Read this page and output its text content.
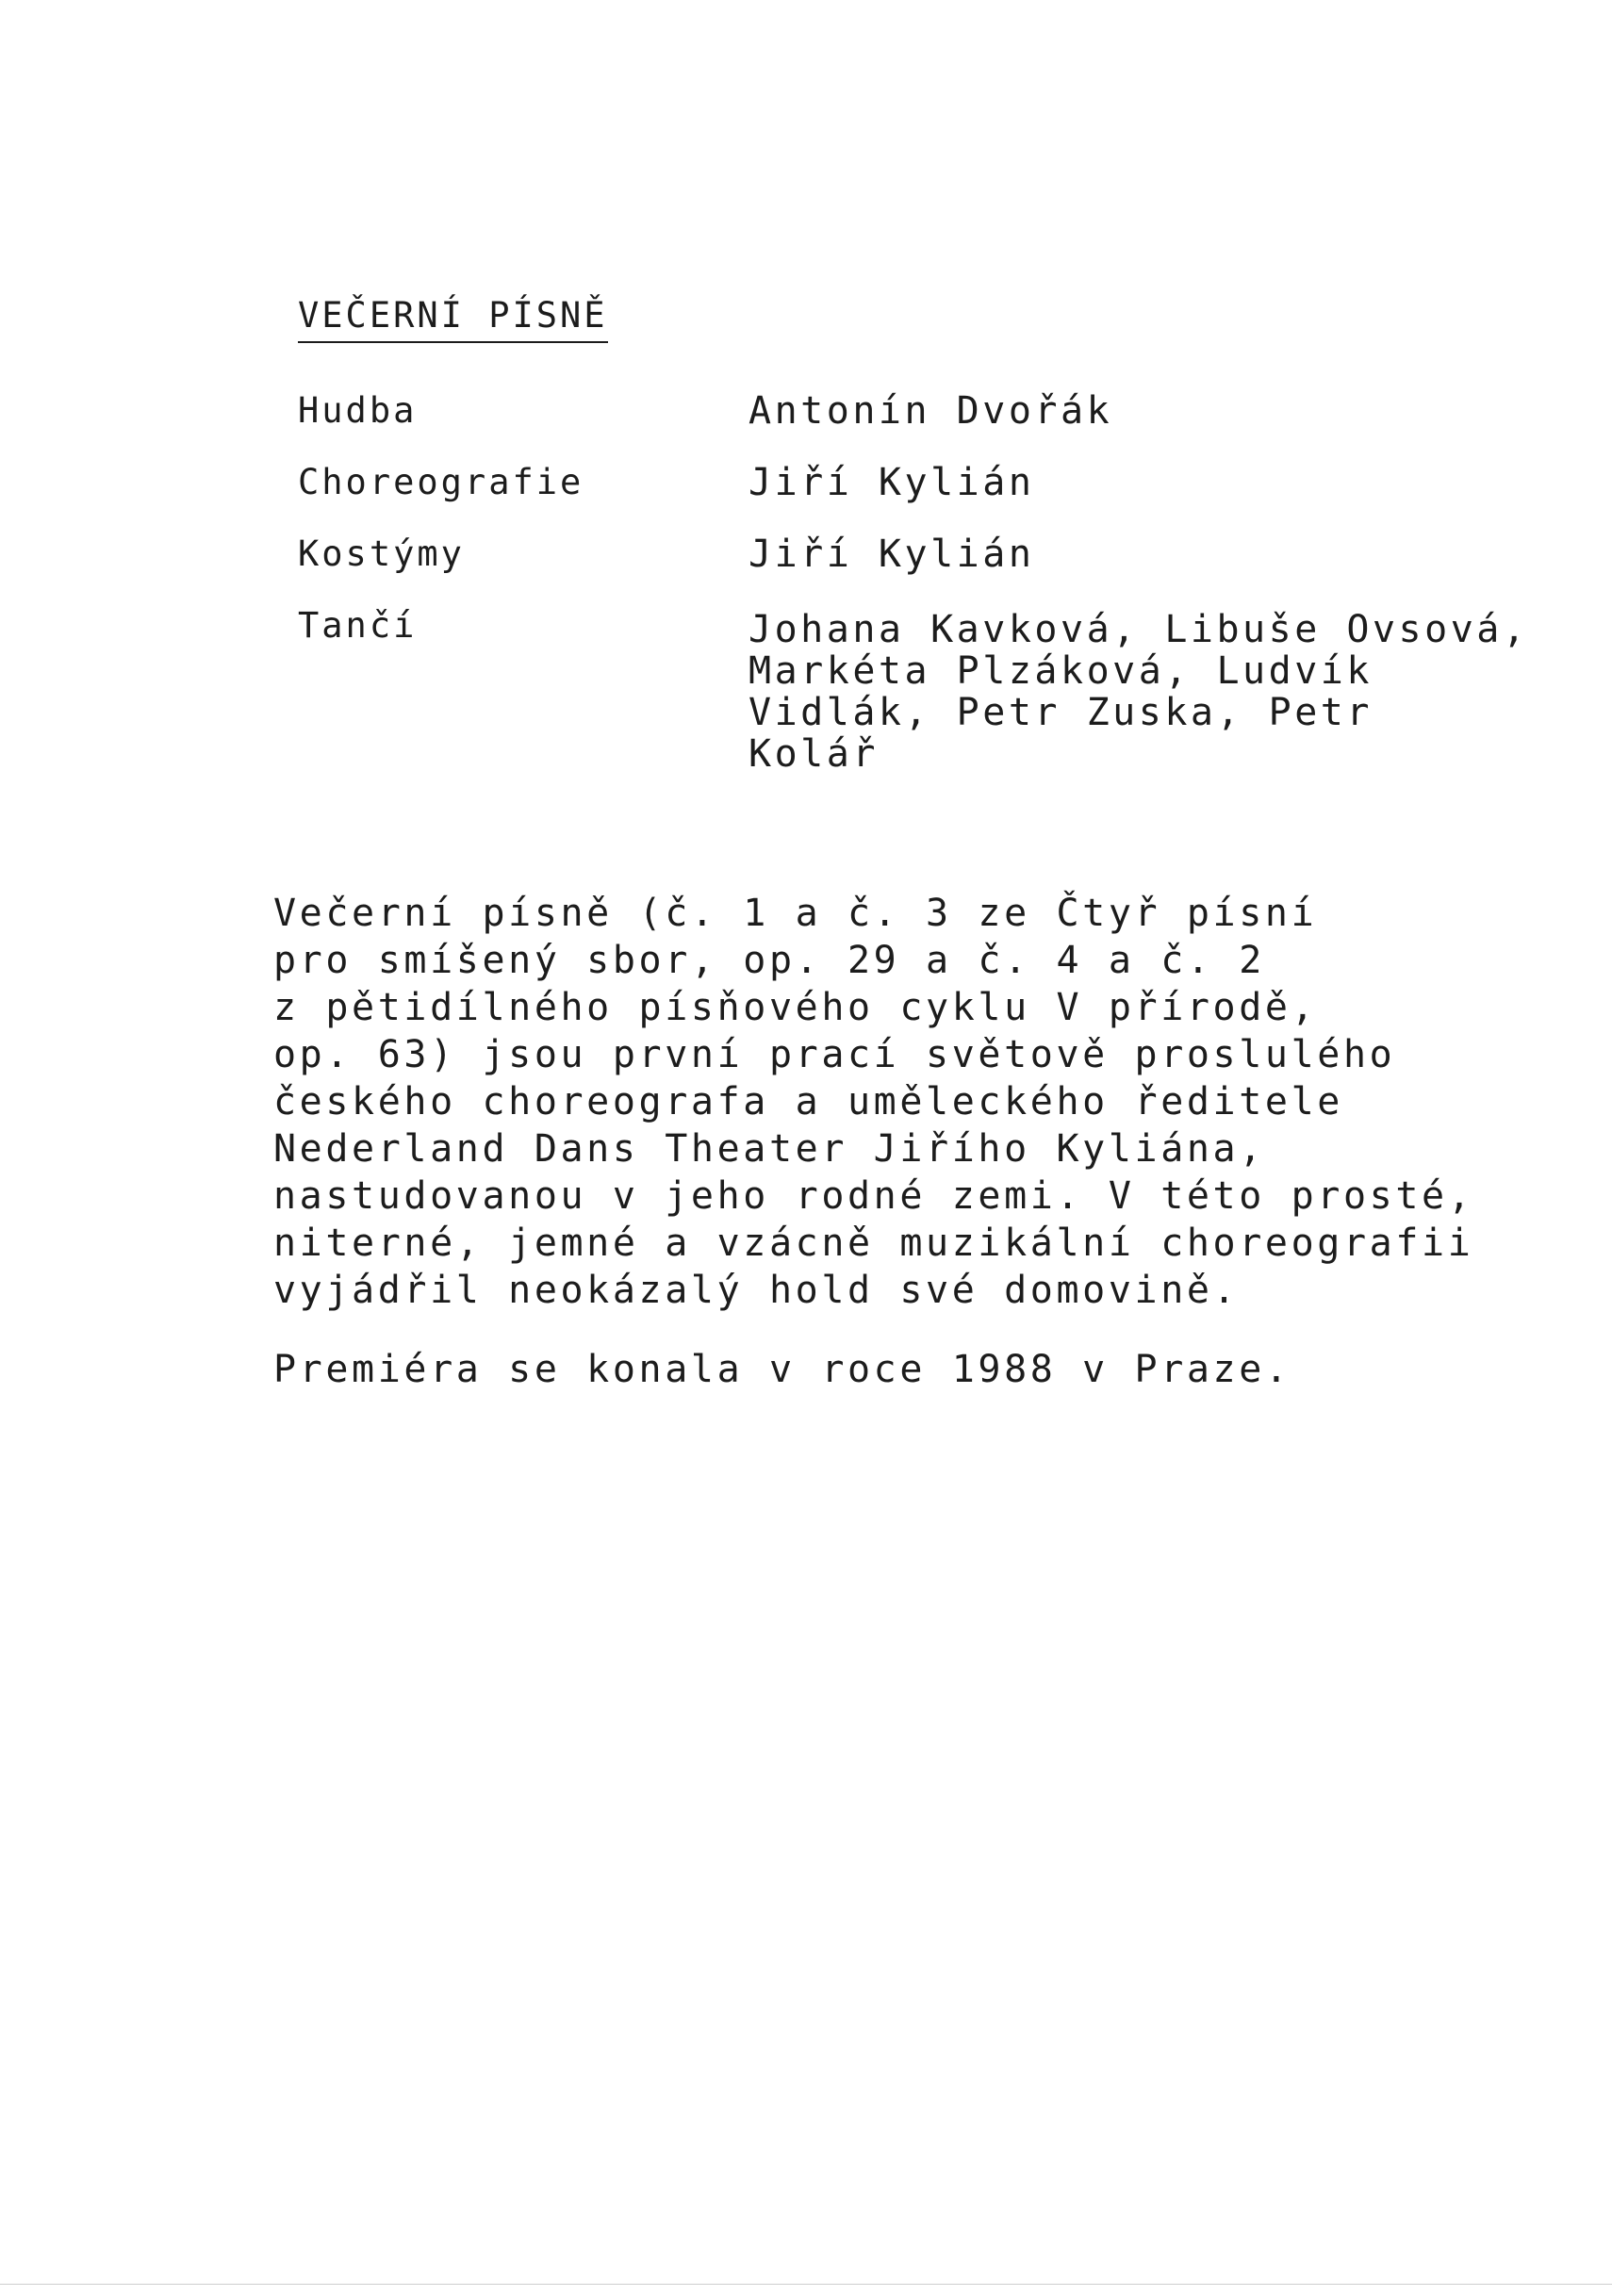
VEČERNÍ PÍSNĚ
Hudba	Antonín Dvořák
Choreografie	Jiří Kylián
Kostýmy	Jiří Kylián
Tančí	Johana Kavková, Libuše Ovsová,
Markéta Plzáková, Ludvík
Vidlák, Petr Zuska, Petr
Kolář
Večerní písně (č. 1 a č. 3 ze Čtyř písní
pro smíšený sbor, op. 29 a č. 4 a č. 2
z pětidílného písňového cyklu V přírodě,
op. 63) jsou první prací světově proslulého
českého choreografa a uměleckého ředitele
Nederland Dans Theater Jiřího Kyliána,
nastudovanou v jeho rodné zemi. V této prosté,
niterné, jemné a vzácně muzikální choreografii
vyjádřil neokázalý hold své domovině.
Premiéra se konala v roce 1988 v Praze.
